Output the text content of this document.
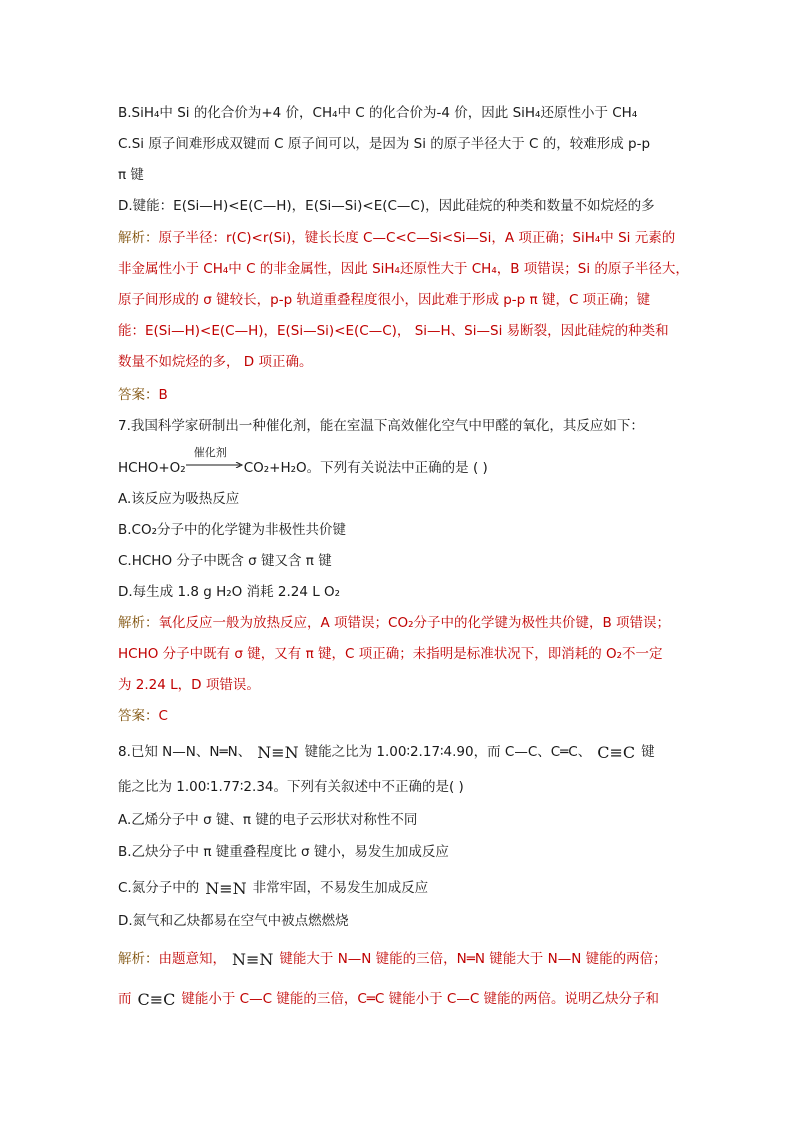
B.SiH₄中 Si 的化合价为+4 价，CH₄中 C 的化合价为-4 价，因此 SiH₄还原性小于 CH₄
C.Si 原子间难形成双键而 C 原子间可以，是因为 Si 的原子半径大于 C 的，较难形成 p-p
π 键
D.键能：E(Si—H)<E(C—H)，E(Si—Si)<E(C—C)，因此硅烷的种类和数量不如烷烃的多
解析：原子半径：r(C)<r(Si)，键长长度 C—C<C—Si<Si—Si，A 项正确；SiH₄中 Si 元素的
非金属性小于 CH₄中 C 的非金属性，因此 SiH₄还原性大于 CH₄，B 项错误；Si 的原子半径大，
原子间形成的 σ 键较长，p-p 轨道重叠程度很小，因此难于形成 p-p π 键，C 项正确；键
能：E(Si—H)<E(C—H)，E(Si—Si)<E(C—C)， Si—H、Si—Si 易断裂，因此硅烷的种类和
数量不如烷烃的多， D 项正确。
答案：B
7.我国科学家研制出一种催化剂，能在室温下高效催化空气中甲醛的氧化，其反应如下：
HCHO+O₂
催化剂
CO₂+H₂O。下列有关说法中正确的是 ( )
A.该反应为吸热反应
B.CO₂分子中的化学键为非极性共价键
C.HCHO 分子中既含 σ 键又含 π 键
D.每生成 1.8 g H₂O 消耗 2.24 L O₂
解析：氧化反应一般为放热反应，A 项错误；CO₂分子中的化学键为极性共价键，B 项错误；
HCHO 分子中既有 σ 键，又有 π 键，C 项正确；未指明是标准状况下，即消耗的 O₂不一定
为 2.24 L，D 项错误。
答案：C
8.已知 N—N、N═N、 N≡N 键能之比为 1.00∶2.17∶4.90，而 C—C、C═C、 C≡C 键
能之比为 1.00∶1.77∶2.34。下列有关叙述中不正确的是( )
A.乙烯分子中 σ 键、π 键的电子云形状对称性不同
B.乙炔分子中 π 键重叠程度比 σ 键小，易发生加成反应
C.氮分子中的 N≡N 非常牢固，不易发生加成反应
D.氮气和乙炔都易在空气中被点燃燃烧
解析：由题意知， N≡N 键能大于 N—N 键能的三倍，N═N 键能大于 N—N 键能的两倍；
而 C≡C 键能小于 C—C 键能的三倍，C═C 键能小于 C—C 键能的两倍。说明乙炔分子和
